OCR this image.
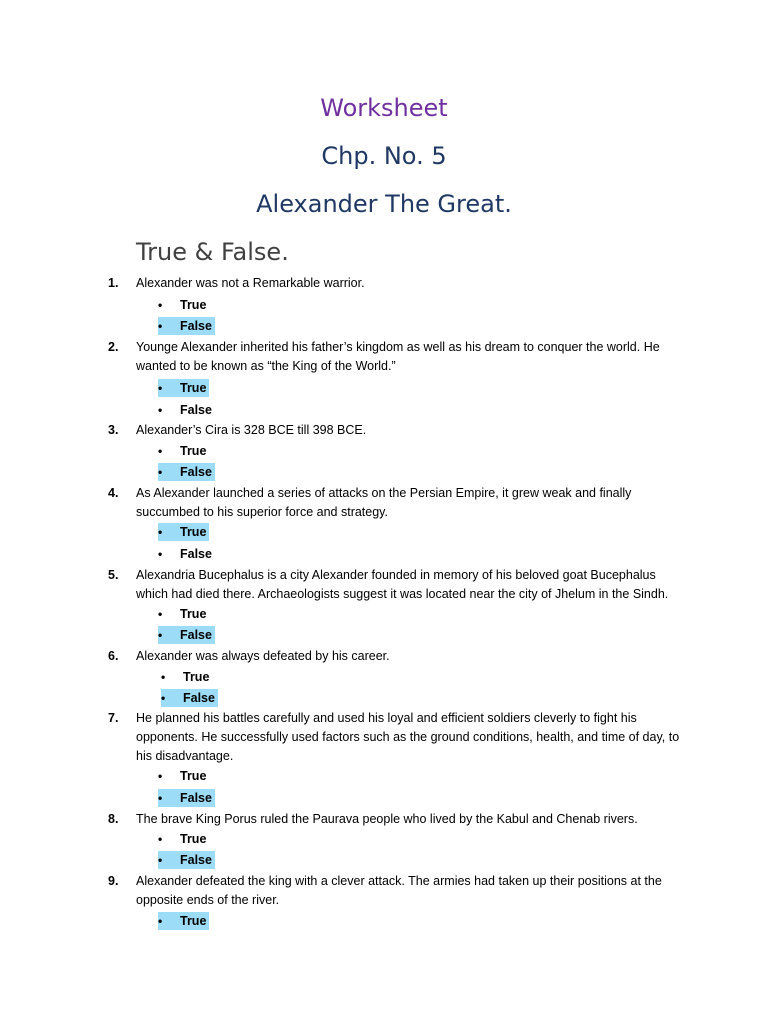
Worksheet
Chp. No. 5
Alexander The Great.
True & False.
1.	Alexander was not a Remarkable warrior.
• True
• False
2.	Younge Alexander inherited his father’s kingdom as well as his dream to conquer the world. He wanted to be known as “the King of the World.”
• True
• False
3.	Alexander’s Cira is 328 BCE till 398 BCE.
• True
• False
4.	As Alexander launched a series of attacks on the Persian Empire, it grew weak and finally succumbed to his superior force and strategy.
• True
• False
5.	Alexandria Bucephalus is a city Alexander founded in memory of his beloved goat Bucephalus which had died there. Archaeologists suggest it was located near the city of Jhelum in the Sindh.
• True
• False
6.	Alexander was always defeated by his career.
• True
• False
7.	He planned his battles carefully and used his loyal and efficient soldiers cleverly to fight his opponents. He successfully used factors such as the ground conditions, health, and time of day, to his disadvantage.
• True
• False
8.	The brave King Porus ruled the Paurava people who lived by the Kabul and Chenab rivers.
• True
• False
9.	Alexander defeated the king with a clever attack. The armies had taken up their positions at the opposite ends of the river.
• True
